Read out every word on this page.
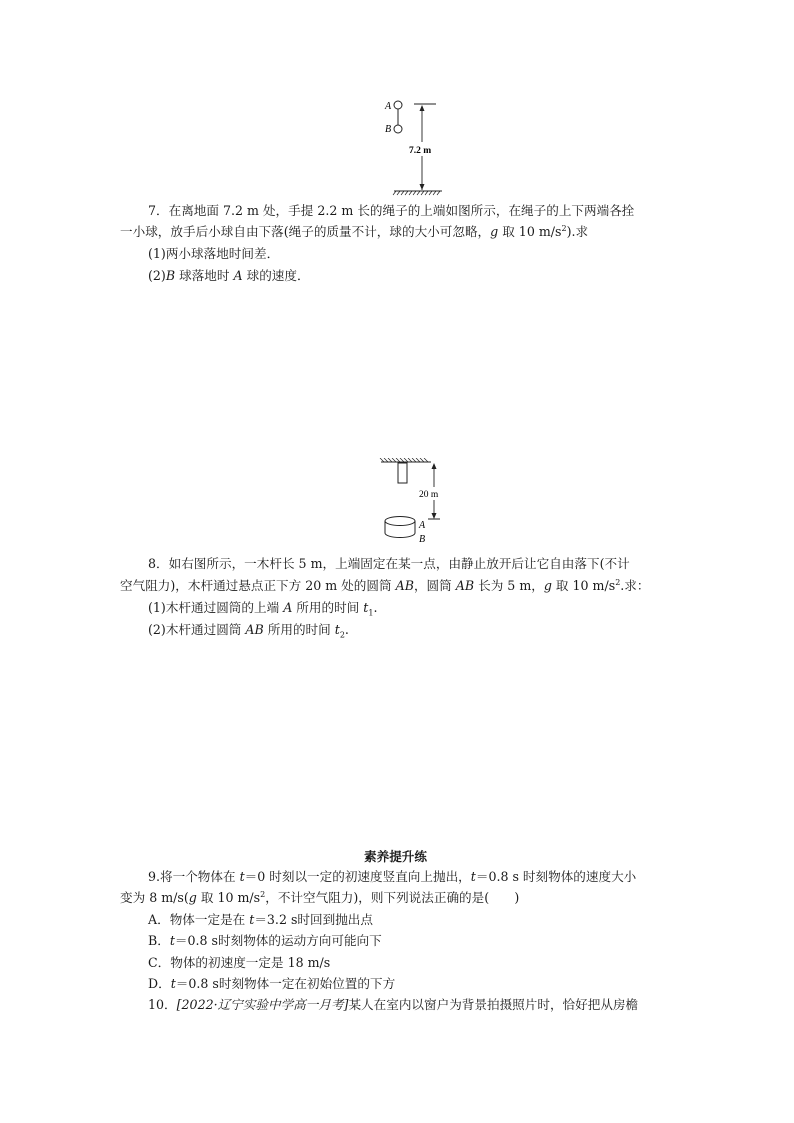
A
B
7.2 m
7．在离地面 7.2 m 处，手提 2.2 m 长的绳子的上端如图所示，在绳子的上下两端各拴
一小球，放手后小球自由下落(绳子的质量不计，球的大小可忽略，g 取 10 $m/s^2$).求
(1)两小球落地时间差．
(2)B 球落地时 A 球的速度．
20 m
A
B
8．如右图所示，一木杆长 5 m，上端固定在某一点，由静止放开后让它自由落下(不计
空气阻力)，木杆通过悬点正下方 20 m 处的圆筒 AB，圆筒 AB 长为 5 m，g 取 10 $m/s^2$.求：
(1)木杆通过圆筒的上端 A 所用的时间 $t_1$.
(2)木杆通过圆筒 AB 所用的时间 $t_2$.
素养提升练
9.将一个物体在 t＝0 时刻以一定的初速度竖直向上抛出，t＝0.8 s 时刻物体的速度大小
变为 8 m/s(g 取 10 $m/s^2$，不计空气阻力)，则下列说法正确的是(　　)
A．物体一定是在 t＝3.2 s时回到抛出点
B．t＝0.8 s时刻物体的运动方向可能向下
C．物体的初速度一定是 18 m/s
D．t＝0.8 s时刻物体一定在初始位置的下方
10．[2022·辽宁实验中学高一月考]某人在室内以窗户为背景拍摄照片时，恰好把从房檐
